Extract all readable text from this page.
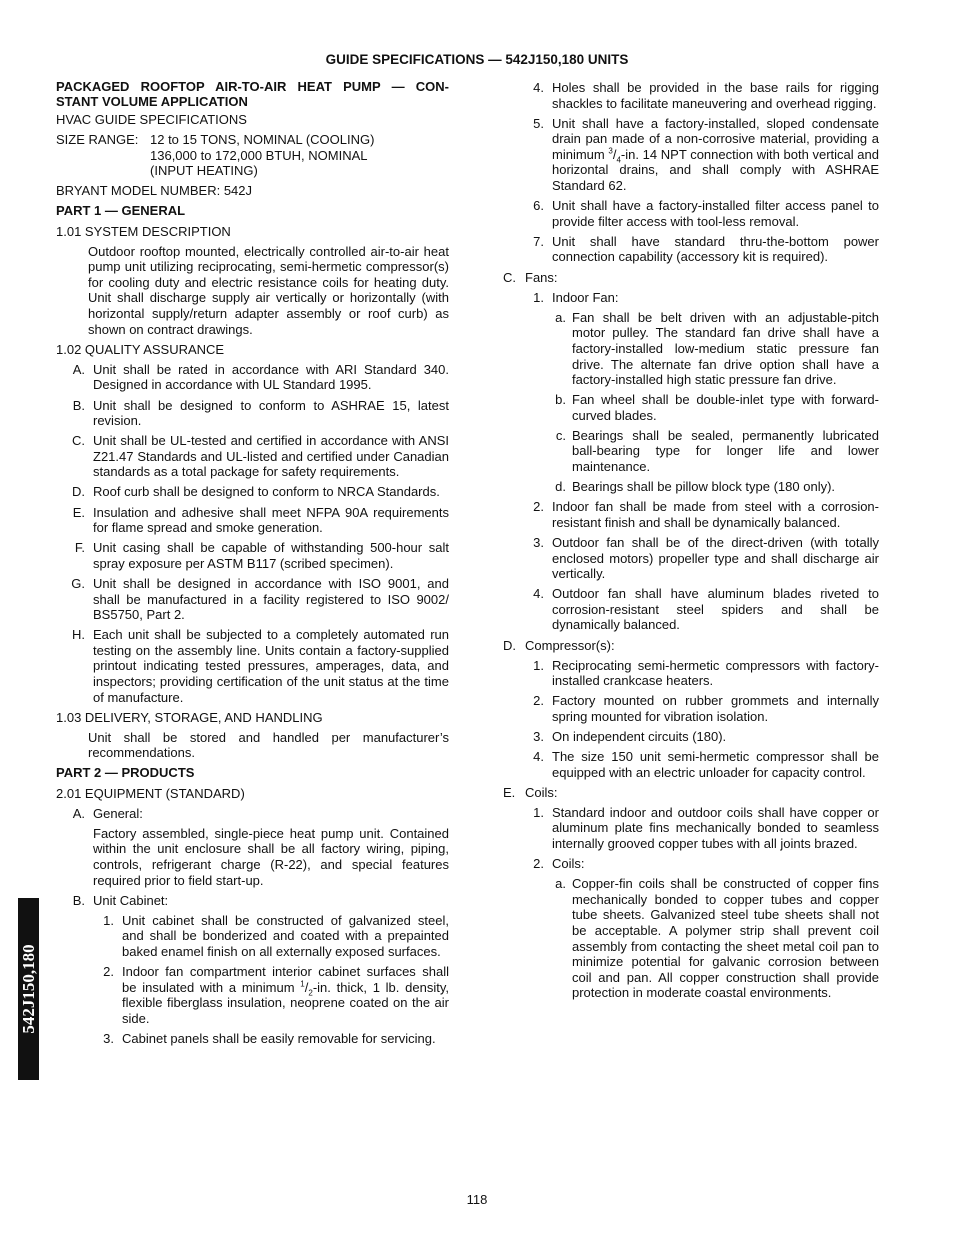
GUIDE SPECIFICATIONS — 542J150,180 UNITS
PACKAGED ROOFTOP AIR-TO-AIR HEAT PUMP — CON-
STANT VOLUME APPLICATION

HVAC GUIDE SPECIFICATIONS

SIZE RANGE: 12 to 15 TONS, NOMINAL (COOLING)
136,000 to 172,000 BTUH, NOMINAL
(INPUT HEATING)

BRYANT MODEL NUMBER: 542J

PART 1 — GENERAL

1.01 SYSTEM DESCRIPTION

Outdoor rooftop mounted, electrically controlled air-to-air heat pump unit utilizing reciprocating, semi-hermetic compressor(s) for cooling duty and electric resistance coils for heating duty. Unit shall discharge supply air vertically or horizontally (with horizontal supply/return adapter assembly or roof curb) as shown on contract drawings.

1.02 QUALITY ASSURANCE

A. Unit shall be rated in accordance with ARI Standard 340. Designed in accordance with UL Standard 1995.
B. Unit shall be designed to conform to ASHRAE 15, latest revision.
C. Unit shall be UL-tested and certified in accordance with ANSI Z21.47 Standards and UL-listed and certified under Canadian standards as a total package for safety requirements.
D. Roof curb shall be designed to conform to NRCA Standards.
E. Insulation and adhesive shall meet NFPA 90A requirements for flame spread and smoke generation.
F. Unit casing shall be capable of withstanding 500-hour salt spray exposure per ASTM B117 (scribed specimen).
G. Unit shall be designed in accordance with ISO 9001, and shall be manufactured in a facility registered to ISO 9002/ BS5750, Part 2.
H. Each unit shall be subjected to a completely automated run testing on the assembly line. Units contain a factory-supplied printout indicating tested pressures, amperages, data, and inspectors; providing certification of the unit status at the time of manufacture.

1.03 DELIVERY, STORAGE, AND HANDLING

Unit shall be stored and handled per manufacturer’s recommendations.

PART 2 — PRODUCTS

2.01 EQUIPMENT (STANDARD)

A. General:

Factory assembled, single-piece heat pump unit. Contained within the unit enclosure shall be all factory wiring, piping, controls, refrigerant charge (R-22), and special features required prior to field start-up.

B. Unit Cabinet:
1. Unit cabinet shall be constructed of galvanized steel, and shall be bonderized and coated with a prepainted baked enamel finish on all externally exposed surfaces.
2. Indoor fan compartment interior cabinet surfaces shall be insulated with a minimum $^1/_2-in$. thick, 1 lb. density, flexible fiberglass insulation, neoprene coated on the air side.
3. Cabinet panels shall be easily removable for servicing.
4. Holes shall be provided in the base rails for rigging shackles to facilitate maneuvering and overhead rigging.
5. Unit shall have a factory-installed, sloped condensate drain pan made of a non-corrosive material, providing a minimum $^3/_4-in$. 14 NPT connection with both vertical and horizontal drains, and shall comply with ASHRAE Standard 62.
6. Unit shall have a factory-installed filter access panel to provide filter access with tool-less removal.
7. Unit shall have standard thru-the-bottom power connection capability (accessory kit is required).
C. Fans:
1. Indoor Fan:
a. Fan shall be belt driven with an adjustable-pitch motor pulley. The standard fan drive shall have a factory-installed low-medium static pressure fan drive. The alternate fan drive option shall have a factory-installed high static pressure fan drive.
b. Fan wheel shall be double-inlet type with forward-curved blades.
c. Bearings shall be sealed, permanently lubricated ball-bearing type for longer life and lower maintenance.
d. Bearings shall be pillow block type (180 only).
2. Indoor fan shall be made from steel with a corrosion-resistant finish and shall be dynamically balanced.
3. Outdoor fan shall be of the direct-driven (with totally enclosed motors) propeller type and shall discharge air vertically.
4. Outdoor fan shall have aluminum blades riveted to corrosion-resistant steel spiders and shall be dynamically balanced.
D. Compressor(s):
1. Reciprocating semi-hermetic compressors with factory-installed crankcase heaters.
2. Factory mounted on rubber grommets and internally spring mounted for vibration isolation.
3. On independent circuits (180).
4. The size 150 unit semi-hermetic compressor shall be equipped with an electric unloader for capacity control.
E. Coils:
1. Standard indoor and outdoor coils shall have copper or aluminum plate fins mechanically bonded to seamless internally grooved copper tubes with all joints brazed.
2. Coils:
a. Copper-fin coils shall be constructed of copper fins mechanically bonded to copper tubes and copper tube sheets. Galvanized steel tube sheets shall not be acceptable. A polymer strip shall prevent coil assembly from contacting the sheet metal coil pan to minimize potential for galvanic corrosion between coil and pan. All copper construction shall provide protection in moderate coastal environments.
542J150,180
118
